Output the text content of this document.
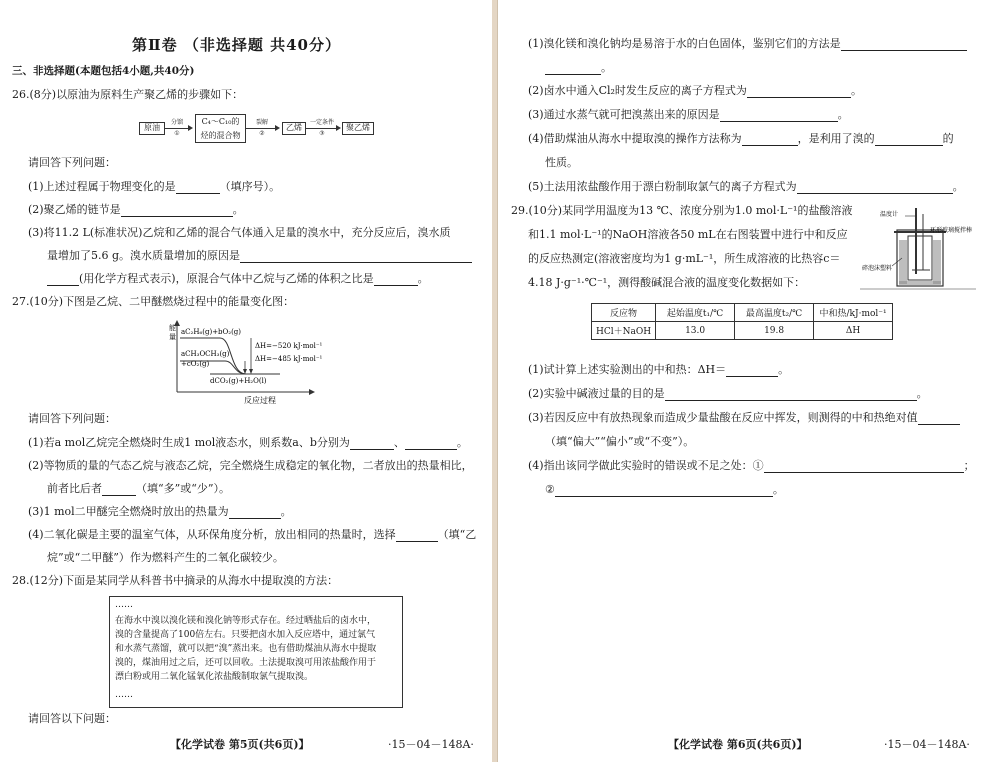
第Ⅱ卷 （非选择题 共40分）
三、非选择题(本题包括4小题,共40分)
26.(8分)以原油为原料生产聚乙烯的步骤如下：
原油
分馏
①
C₄～C₁₀的
烃的混合物
裂解
②
乙烯
一定条件
③
聚乙烯
请回答下列问题：
(1)上述过程属于物理变化的是	（填序号）。
(2)聚乙烯的链节是	。
(3)将11.2 L(标准状况)乙烷和乙烯的混合气体通入足量的溴水中，充分反应后，溴水质
量增加了5.6 g。溴水质量增加的原因是
(用化学方程式表示)，原混合气体中乙烷与乙烯的体积之比是	。
27.(10分)下图是乙烷、二甲醚燃烧过程中的能量变化图：
能
量
反应过程
aC₂H₆(g)+bO₂(g)
aCH₃OCH₃(g)
+cO₂(g)
dCO₂(g)+H₂O(l)
ΔH=−520 kJ·mol⁻¹
ΔH=−485 kJ·mol⁻¹
请回答下列问题：
(1)若a mol乙烷完全燃烧时生成1 mol液态水，则系数a、b分别为	、	。
(2)等物质的量的气态乙烷与液态乙烷，完全燃烧生成稳定的氧化物，二者放出的热量相比，
前者比后者	（填“多”或“少”）。
(3)1 mol二甲醚完全燃烧时放出的热量为	。
(4)二氧化碳是主要的温室气体，从环保角度分析，放出相同的热量时，选择	（填“乙
烷”或“二甲醚”）作为燃料产生的二氧化碳较少。
28.(12分)下面是某同学从科普书中摘录的从海水中提取溴的方法：
……
在海水中溴以溴化镁和溴化钠等形式存在。经过晒盐后的卤水中，
溴的含量提高了100倍左右。只要把卤水加入反应塔中，通过氯气
和水蒸气蒸馏，就可以把“溴”蒸出来。也有借助煤油从海水中提取
溴的，煤油用过之后，还可以回收。土法提取溴可用浓盐酸作用于
漂白粉或用二氧化锰氧化浓盐酸制取氯气提取溴。
……
请回答以下问题：
【化学试卷 第5页(共6页)】	·15－04－148A·
(1)溴化镁和溴化钠均是易溶于水的白色固体，鉴别它们的方法是
。
(2)卤水中通入Cl₂时发生反应的离子方程式为	。
(3)通过水蒸气就可把溴蒸出来的原因是	。
(4)借助煤油从海水中提取溴的操作方法称为	，是利用了溴的	的
性质。
(5)土法用浓盐酸作用于漂白粉制取氯气的离子方程式为	。
29.(10分)某同学用温度为13 ℃、浓度分别为1.0 mol·L⁻¹的盐酸溶液
和1.1 mol·L⁻¹的NaOH溶液各50 mL在右图装置中进行中和反应
的反应热测定(溶液密度均为1 g·mL⁻¹，所生成溶液的比热容c＝
4.18 J·g⁻¹·℃⁻¹，测得酸碱混合液的温度变化数据如下：
温度计
环形玻璃搅拌棒
碎泡沫塑料
反应物	起始温度t₁/℃	最高温度t₂/℃	中和热/kJ·mol⁻¹
HCl＋NaOH	13.0	19.8	ΔH
(1)试计算上述实验测出的中和热：ΔH＝	。
(2)实验中碱液过量的目的是	。
(3)若因反应中有放热现象而造成少量盐酸在反应中挥发，则测得的中和热绝对值
（填“偏大”“偏小”或“不变”）。
(4)指出该同学做此实验时的错误或不足之处：①	；
②	。
【化学试卷 第6页(共6页)】	·15－04－148A·
